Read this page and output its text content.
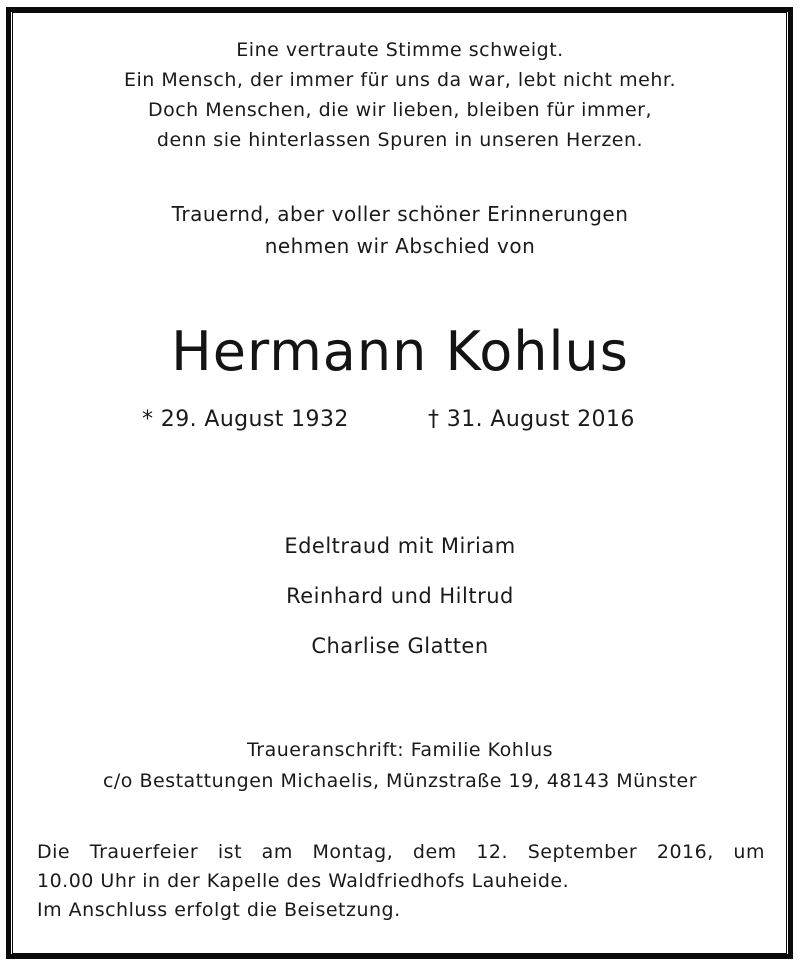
Eine vertraute Stimme schweigt.
Ein Mensch, der immer für uns da war, lebt nicht mehr.
Doch Menschen, die wir lieben, bleiben für immer,
denn sie hinterlassen Spuren in unseren Herzen.
Trauernd, aber voller schöner Erinnerungen
nehmen wir Abschied von
Hermann Kohlus
* 29. August 1932	† 31. August 2016
Edeltraud mit Miriam
Reinhard und Hiltrud
Charlise Glatten
Traueranschrift: Familie Kohlus
c/o Bestattungen Michaelis, Münzstraße 19, 48143 Münster
Die Trauerfeier ist am Montag, dem 12. September 2016, um
10.00 Uhr in der Kapelle des Waldfriedhofs Lauheide.
Im Anschluss erfolgt die Beisetzung.
